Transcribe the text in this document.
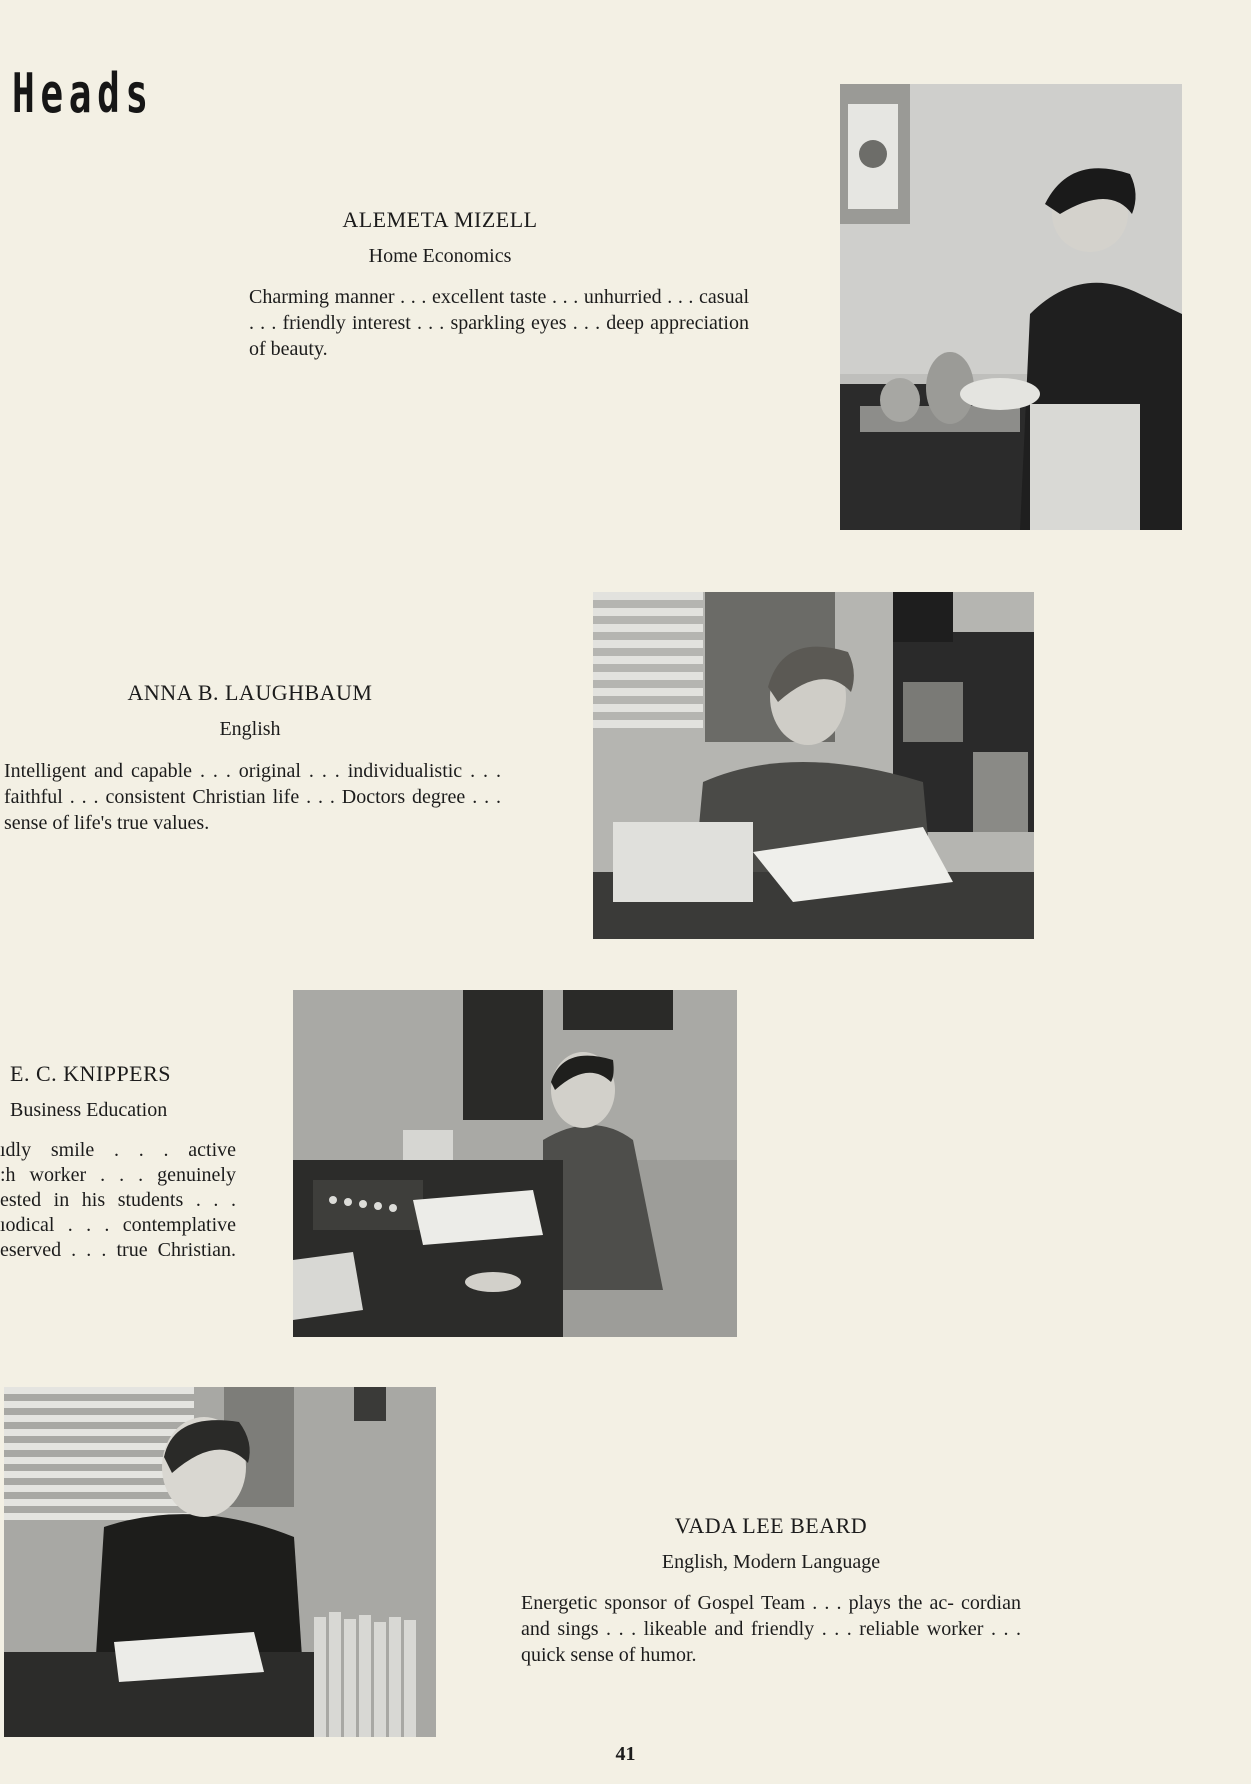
Heads
ALEMETA MIZELL
Home Economics
Charming manner . . . excellent taste . . . unhurried . . . casual . . . friendly interest . . . sparkling eyes . . . deep appreciation of beauty.
ANNA B. LAUGHBAUM
English
Intelligent and capable . . . original . . . individualistic . . . faithful . . . consistent Christian life . . . Doctors degree . . . sense of life's true values.
E. C. KNIPPERS
Business Education
ıdly smile . . . active
:h worker . . . genuinely
ested in his students . . .
ıodical . . . contemplative
eserved . . . true Christian.
VADA LEE BEARD
English, Modern Language
Energetic sponsor of Gospel Team . . . plays the ac- cordian and sings . . . likeable and friendly . . . reliable worker . . . quick sense of humor.
41
